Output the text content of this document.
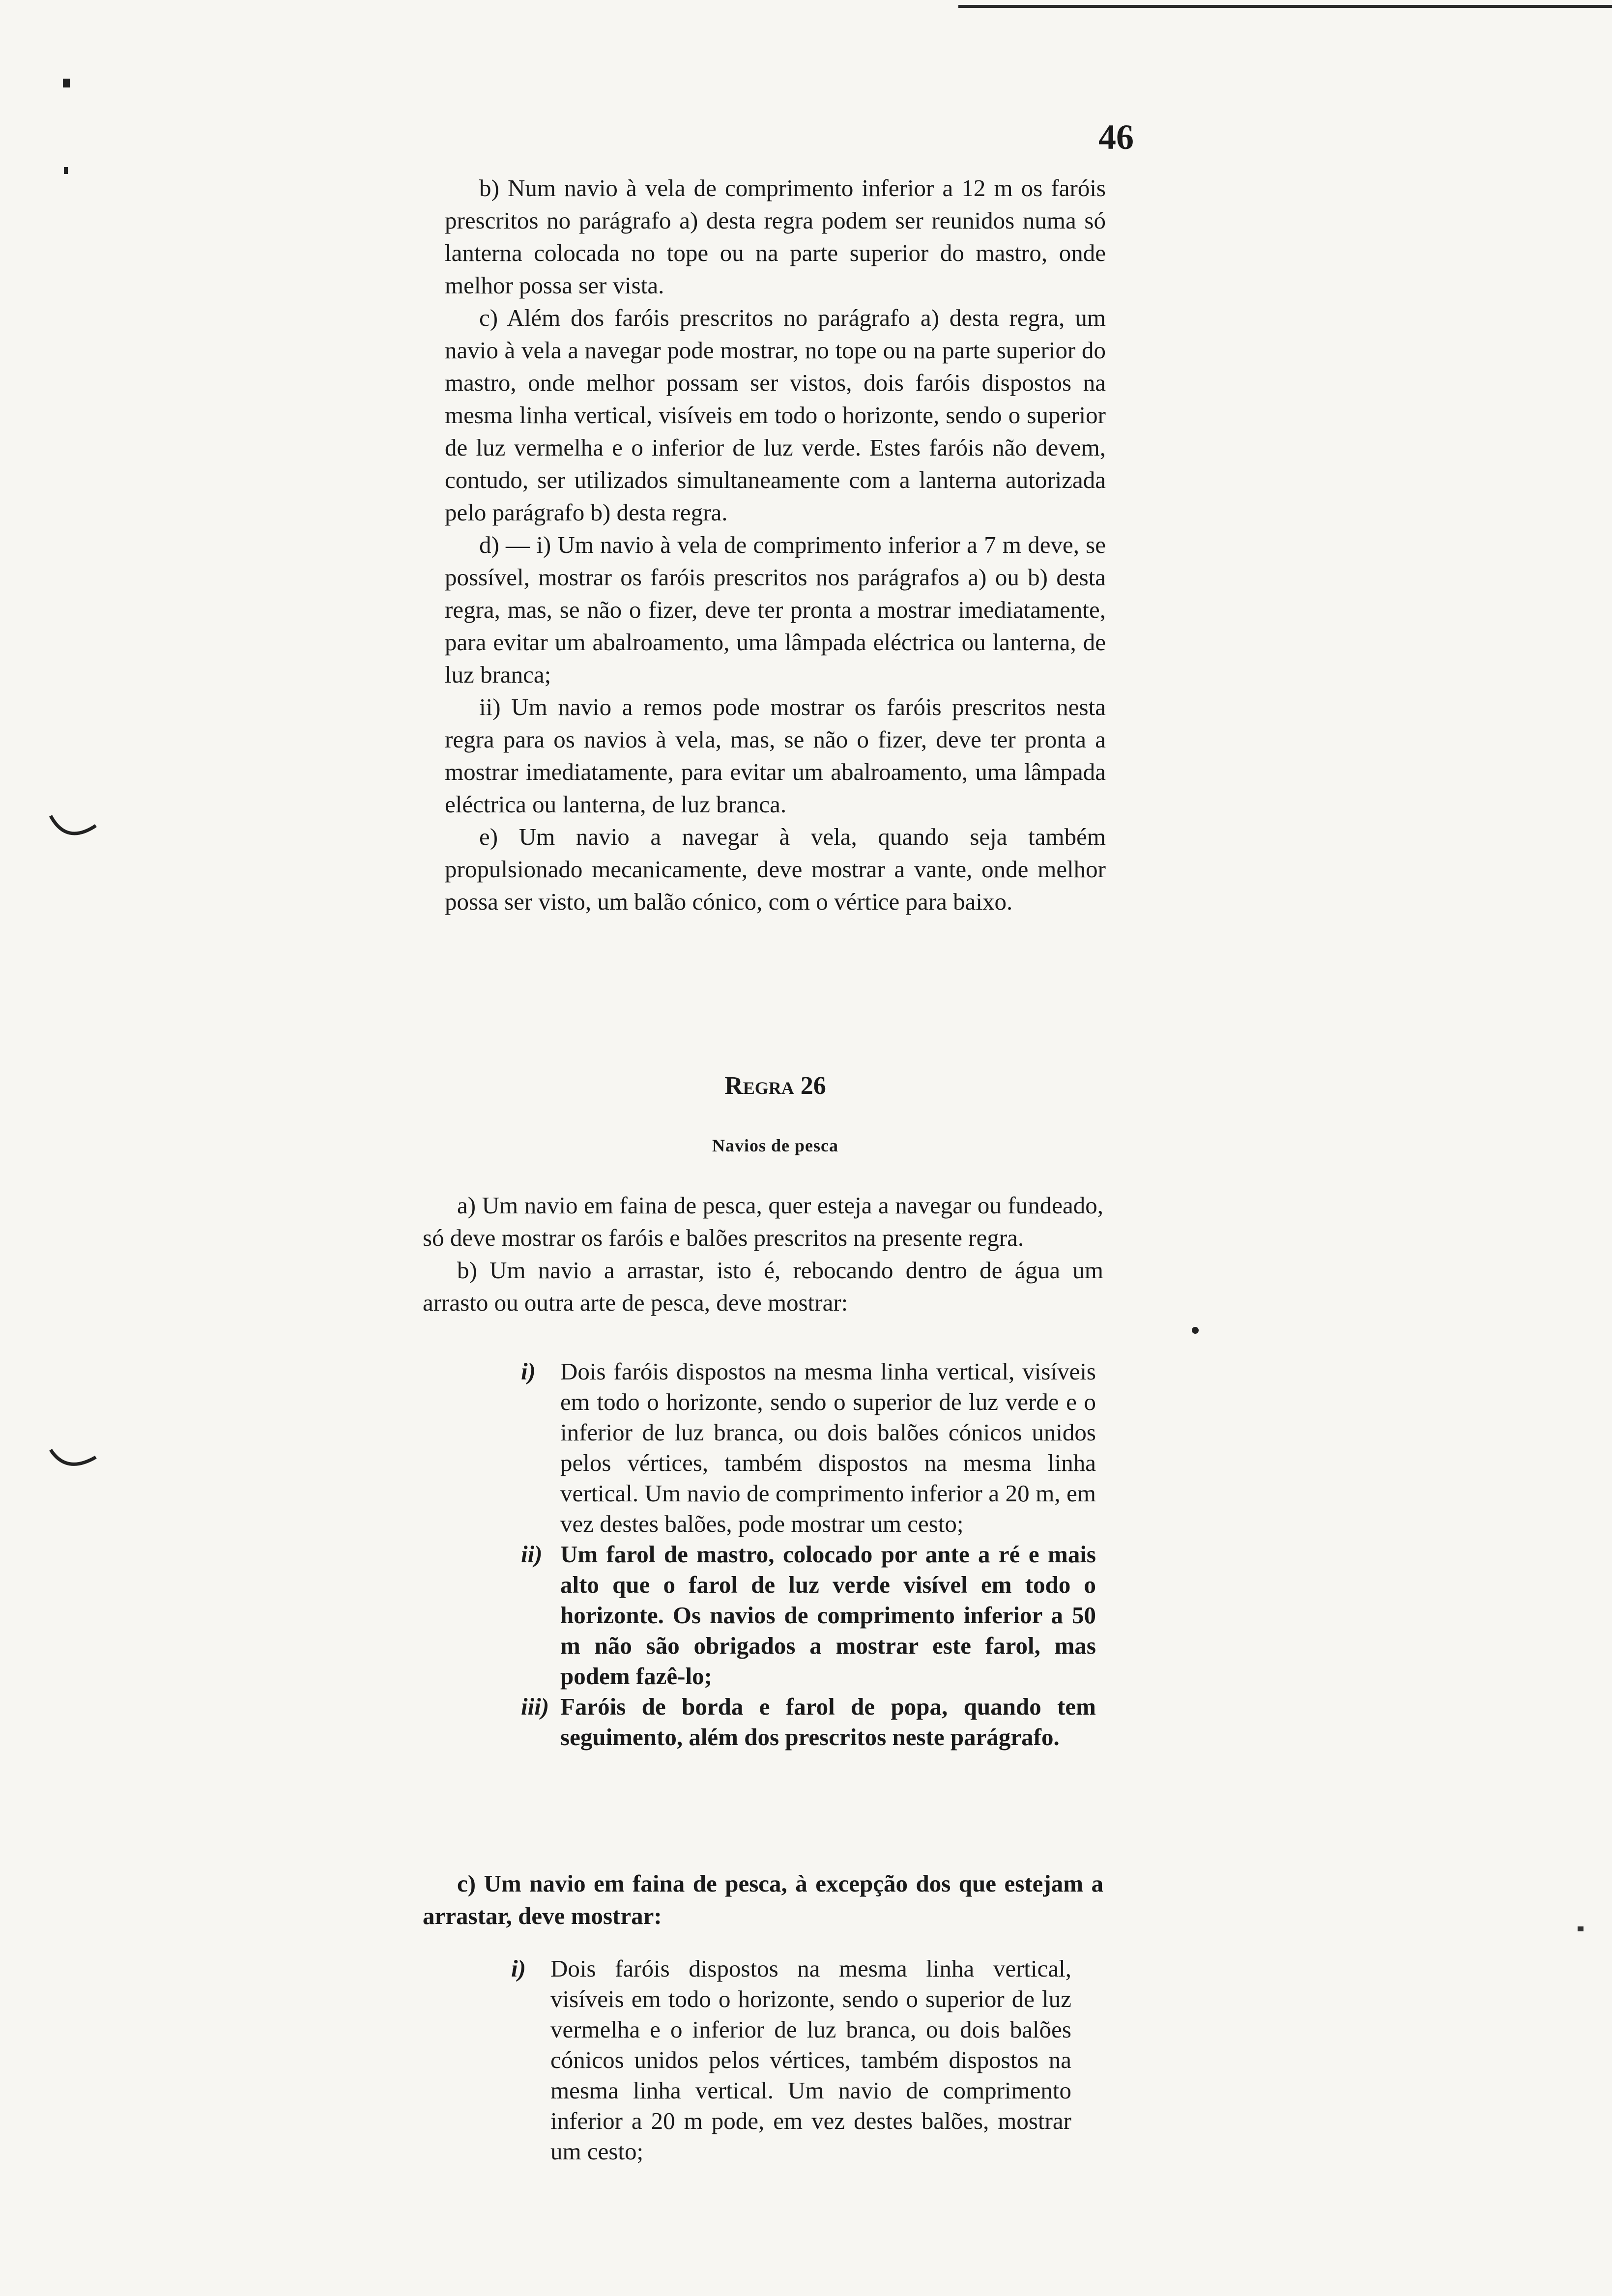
46

b) Num navio à vela de comprimento inferior a 12 m os faróis prescritos no parágrafo a) desta regra podem ser reunidos numa só lanterna colocada no tope ou na parte superior do mastro, onde melhor possa ser vista.

c) Além dos faróis prescritos no parágrafo a) desta regra, um navio à vela a navegar pode mostrar, no tope ou na parte superior do mastro, onde melhor possam ser vistos, dois faróis dispostos na mesma linha vertical, visíveis em todo o horizonte, sendo o superior de luz vermelha e o inferior de luz verde. Estes faróis não devem, contudo, ser utilizados simultaneamente com a lanterna autorizada pelo parágrafo b) desta regra.

d) — i) Um navio à vela de comprimento inferior a 7 m deve, se possível, mostrar os faróis prescritos nos parágrafos a) ou b) desta regra, mas, se não o fizer, deve ter pronta a mostrar imediatamente, para evitar um abalroamento, uma lâmpada eléctrica ou lanterna, de luz branca;

ii) Um navio a remos pode mostrar os faróis prescritos nesta regra para os navios à vela, mas, se não o fizer, deve ter pronta a mostrar imediatamente, para evitar um abalroamento, uma lâmpada eléctrica ou lanterna, de luz branca.

e) Um navio a navegar à vela, quando seja também propulsionado mecanicamente, deve mostrar a vante, onde melhor possa ser visto, um balão cónico, com o vértice para baixo.

Regra 26
Navios de pesca

a) Um navio em faina de pesca, quer esteja a navegar ou fundeado, só deve mostrar os faróis e balões prescritos na presente regra.

b) Um navio a arrastar, isto é, rebocando dentro de água um arrasto ou outra arte de pesca, deve mostrar:

i) Dois faróis dispostos na mesma linha vertical, visíveis em todo o horizonte, sendo o superior de luz verde e o inferior de luz branca, ou dois balões cónicos unidos pelos vértices, também dispostos na mesma linha vertical. Um navio de comprimento inferior a 20 m, em vez destes balões, pode mostrar um cesto;
ii) Um farol de mastro, colocado por ante a ré e mais alto que o farol de luz verde visível em todo o horizonte. Os navios de comprimento inferior a 50 m não são obrigados a mostrar este farol, mas podem fazê-lo;
iii) Faróis de borda e farol de popa, quando tem seguimento, além dos prescritos neste parágrafo.

c) Um navio em faina de pesca, à excepção dos que estejam a arrastar, deve mostrar:

i) Dois faróis dispostos na mesma linha vertical, visíveis em todo o horizonte, sendo o superior de luz vermelha e o inferior de luz branca, ou dois balões cónicos unidos pelos vértices, também dispostos na mesma linha vertical. Um navio de comprimento inferior a 20 m pode, em vez destes balões, mostrar um cesto;
